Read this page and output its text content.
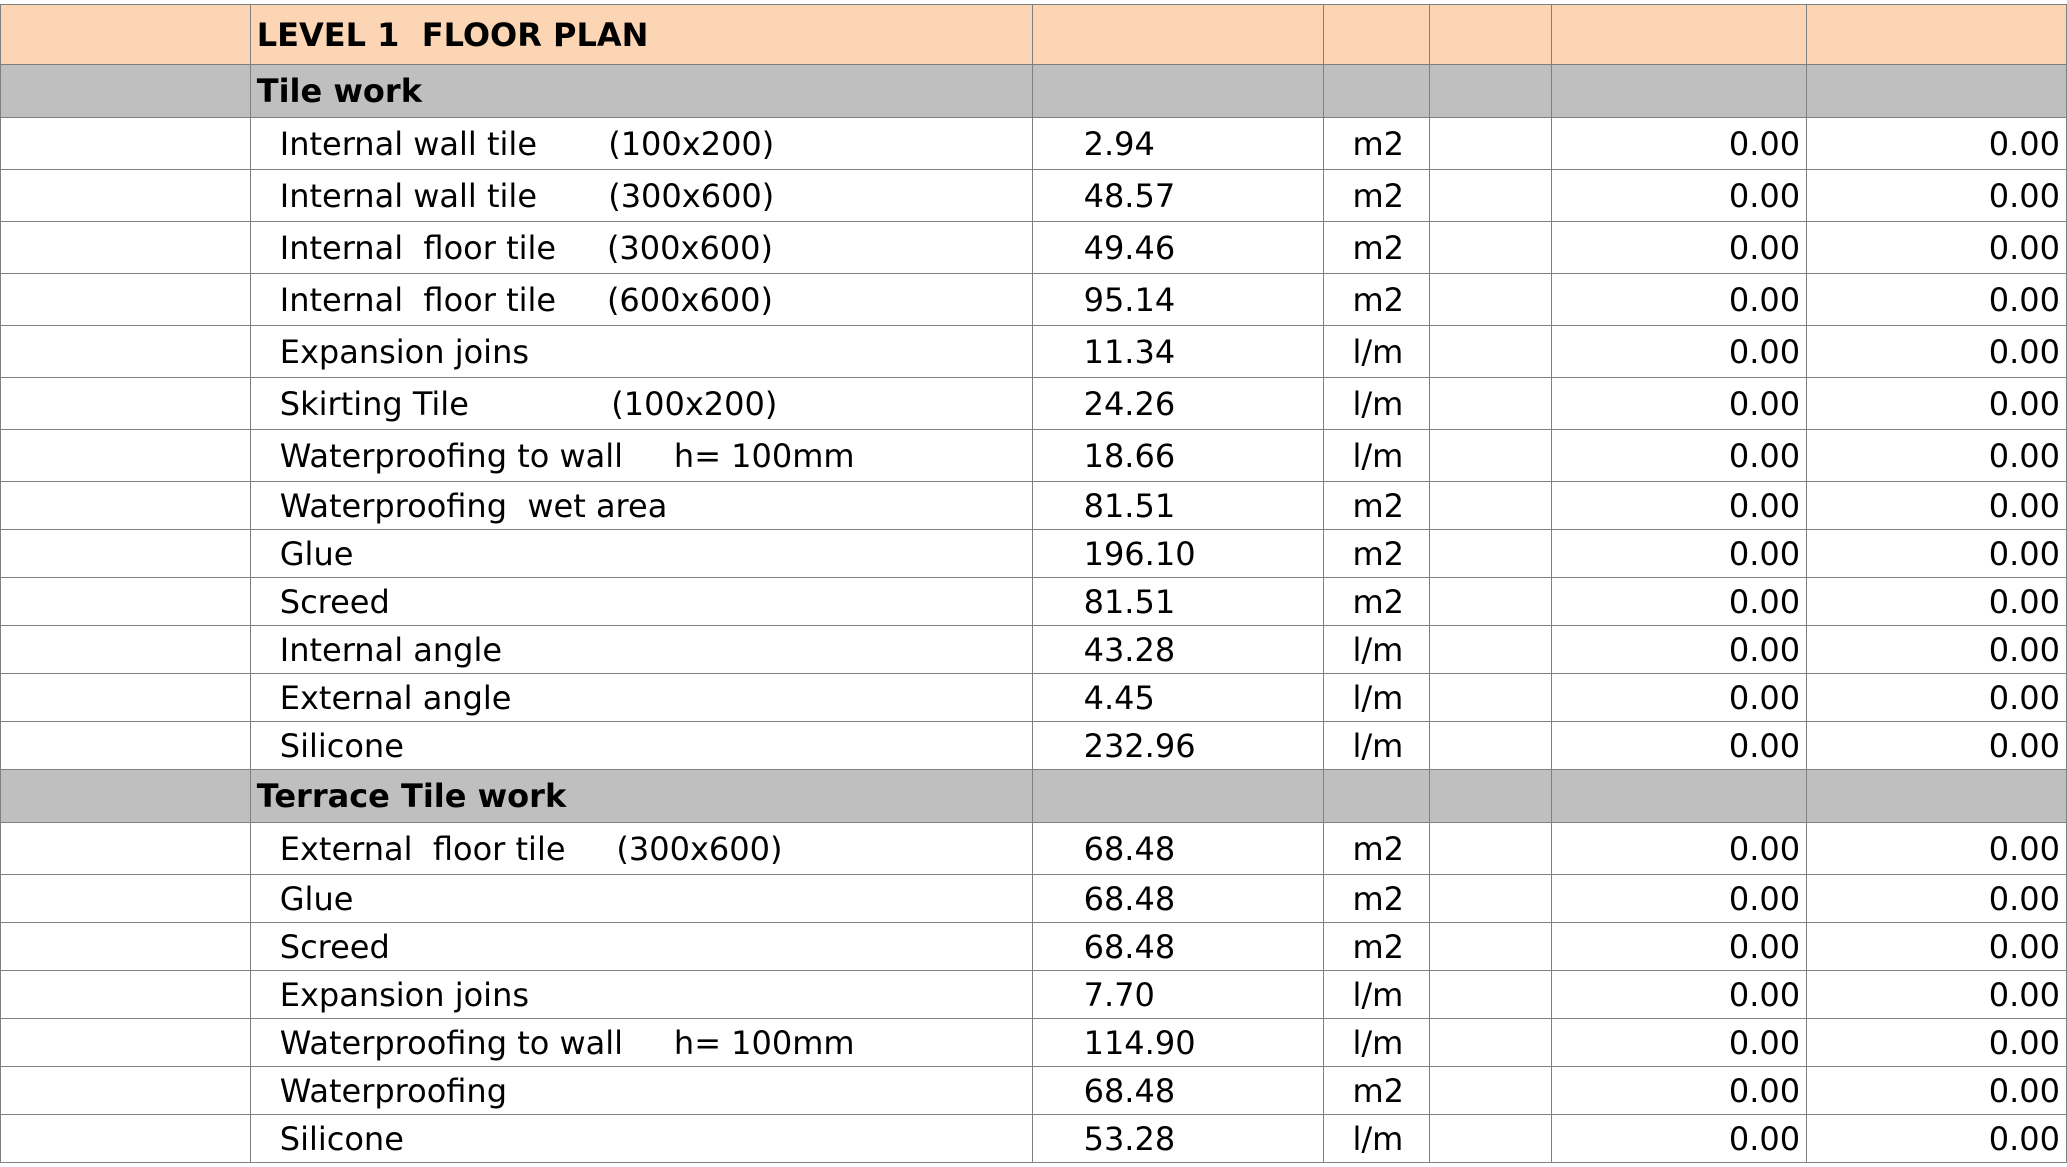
	LEVEL 1  FLOOR PLAN					
	Tile work					
	Internal wall tile       (100x200)	2.94	m2		0.00	0.00
	Internal wall tile       (300x600)	48.57	m2		0.00	0.00
	Internal  floor tile     (300x600)	49.46	m2		0.00	0.00
	Internal  floor tile     (600x600)	95.14	m2		0.00	0.00
	Expansion joins	11.34	l/m		0.00	0.00
	Skirting Tile              (100x200)	24.26	l/m		0.00	0.00
	Waterproofing to wall     h= 100mm	18.66	l/m		0.00	0.00
	Waterproofing  wet area	81.51	m2		0.00	0.00
	Glue	196.10	m2		0.00	0.00
	Screed	81.51	m2		0.00	0.00
	Internal angle	43.28	l/m		0.00	0.00
	External angle	4.45	l/m		0.00	0.00
	Silicone	232.96	l/m		0.00	0.00
	Terrace Tile work					
	External  floor tile     (300x600)	68.48	m2		0.00	0.00
	Glue	68.48	m2		0.00	0.00
	Screed	68.48	m2		0.00	0.00
	Expansion joins	7.70	l/m		0.00	0.00
	Waterproofing to wall     h= 100mm	114.90	l/m		0.00	0.00
	Waterproofing	68.48	m2		0.00	0.00
	Silicone	53.28	l/m		0.00	0.00
